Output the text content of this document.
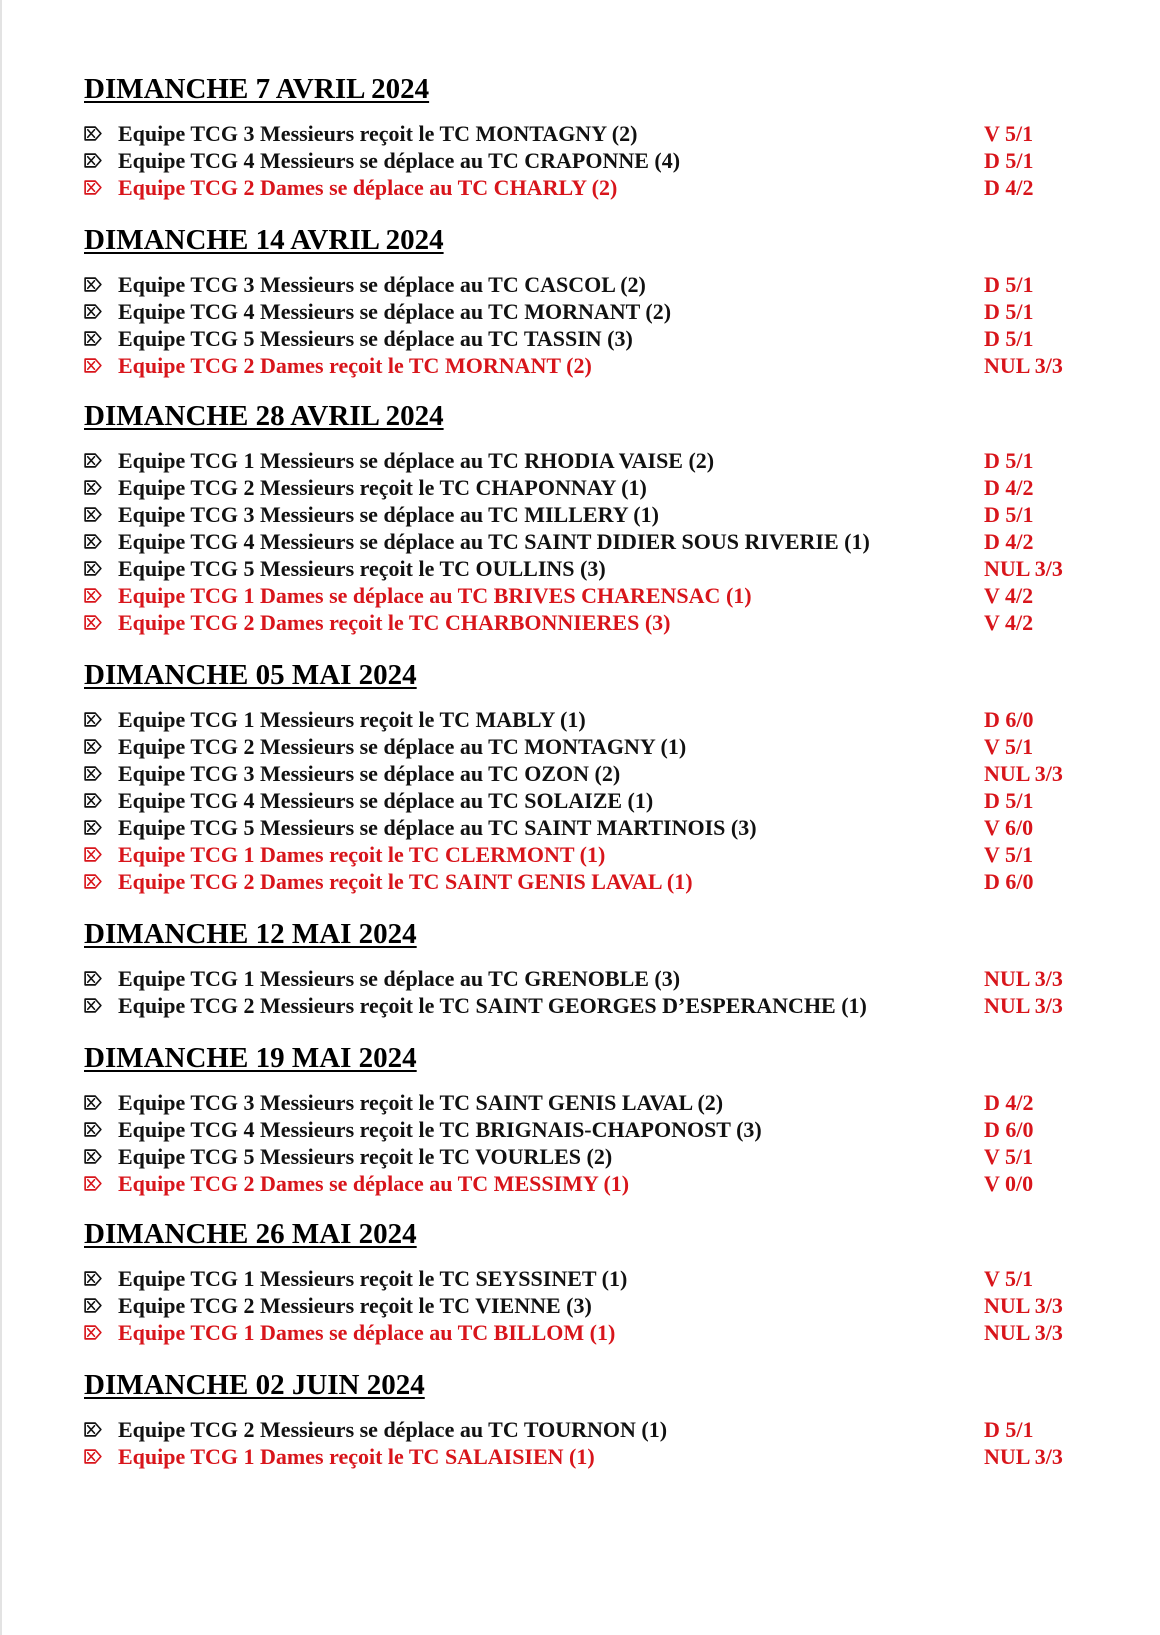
DIMANCHE 7 AVRIL 2024
Equipe TCG 3 Messieurs reçoit le TC MONTAGNY (2)	V 5/1
Equipe TCG 4 Messieurs se déplace au TC CRAPONNE (4)	D 5/1
Equipe TCG 2 Dames se déplace au TC CHARLY (2)	D 4/2
DIMANCHE 14 AVRIL 2024
Equipe TCG 3 Messieurs se déplace au TC CASCOL (2)	D 5/1
Equipe TCG 4 Messieurs se déplace au TC MORNANT (2)	D 5/1
Equipe TCG 5 Messieurs se déplace au TC TASSIN (3)	D 5/1
Equipe TCG 2 Dames reçoit le TC MORNANT (2)	NUL 3/3
DIMANCHE 28 AVRIL 2024
Equipe TCG 1 Messieurs se déplace au TC RHODIA VAISE (2)	D 5/1
Equipe TCG 2 Messieurs reçoit le TC CHAPONNAY (1)	D 4/2
Equipe TCG 3 Messieurs se déplace au TC MILLERY (1)	D 5/1
Equipe TCG 4 Messieurs se déplace au TC SAINT DIDIER SOUS RIVERIE (1)	D 4/2
Equipe TCG 5 Messieurs reçoit le TC OULLINS (3)	NUL 3/3
Equipe TCG 1 Dames se déplace au TC BRIVES CHARENSAC (1)	V 4/2
Equipe TCG 2 Dames reçoit le TC CHARBONNIERES (3)	V 4/2
DIMANCHE 05 MAI 2024
Equipe TCG 1 Messieurs reçoit le TC MABLY (1)	D 6/0
Equipe TCG 2 Messieurs se déplace au TC MONTAGNY (1)	V 5/1
Equipe TCG 3 Messieurs se déplace au TC OZON (2)	NUL 3/3
Equipe TCG 4 Messieurs se déplace au TC SOLAIZE (1)	D 5/1
Equipe TCG 5 Messieurs se déplace au TC SAINT MARTINOIS (3)	V 6/0
Equipe TCG 1 Dames reçoit le TC CLERMONT (1)	V 5/1
Equipe TCG 2 Dames reçoit le TC SAINT GENIS LAVAL (1)	D 6/0
DIMANCHE 12 MAI 2024
Equipe TCG 1 Messieurs se déplace au TC GRENOBLE (3)	NUL 3/3
Equipe TCG 2 Messieurs reçoit le TC SAINT GEORGES D’ESPERANCHE (1)	NUL 3/3
DIMANCHE 19 MAI 2024
Equipe TCG 3 Messieurs reçoit le TC SAINT GENIS LAVAL (2)	D 4/2
Equipe TCG 4 Messieurs reçoit le TC BRIGNAIS-CHAPONOST (3)	D 6/0
Equipe TCG 5 Messieurs reçoit le TC VOURLES (2)	V 5/1
Equipe TCG 2 Dames se déplace au TC MESSIMY (1)	V 0/0
DIMANCHE 26 MAI 2024
Equipe TCG 1 Messieurs reçoit le TC SEYSSINET (1)	V 5/1
Equipe TCG 2 Messieurs reçoit le TC VIENNE (3)	NUL 3/3
Equipe TCG 1 Dames se déplace au TC BILLOM (1)	NUL 3/3
DIMANCHE 02 JUIN 2024
Equipe TCG 2 Messieurs se déplace au TC TOURNON (1)	D 5/1
Equipe TCG 1 Dames reçoit le TC SALAISIEN (1)	NUL 3/3
